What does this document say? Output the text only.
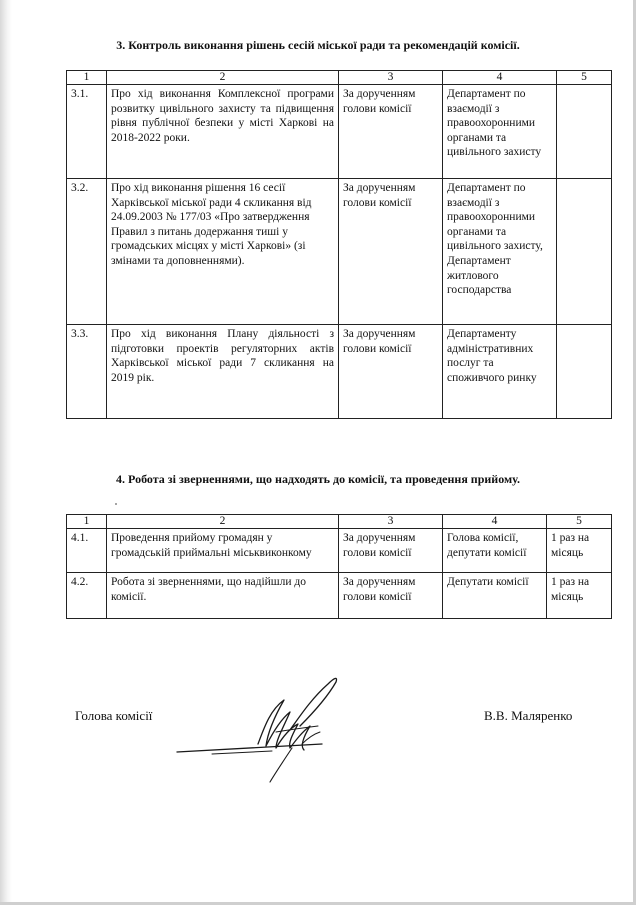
3. Контроль виконання рішень сесій міської ради та рекомендацій комісії.
1	2	3	4	5
3.1.	Про хід виконання Комплексної програми розвитку цивільного захисту та підвищення рівня публічної безпеки у місті Харкові на 2018-2022 роки.	За дорученням голови комісії	Департамент по взаємодії з правоохоронними органами та цивільного захисту	
3.2.	Про хід виконання рішення 16 сесії Харківської міської ради 4 скликання від 24.09.2003 № 177/03 «Про затвердження Правил з питань додержання тиші у громадських місцях у місті Харкові» (зі змінами та доповненнями).	За дорученням голови комісії	Департамент по взаємодії з правоохоронними органами та цивільного захисту, Департамент житлового господарства	
3.3.	Про хід виконання Плану діяльності з підготовки проектів регуляторних актів Харківської міської ради 7 скликання на 2019 рік.	За дорученням голови комісії	Департаменту адміністративних послуг та споживчого ринку	
4. Робота зі зверненнями, що надходять до комісії, та проведення прийому.
1	2	3	4	5
4.1.	Проведення прийому громадян у громадській приймальні міськвиконкому	За дорученням голови комісії	Голова комісії, депутати комісії	1 раз на місяць
4.2.	Робота зі зверненнями, що надійшли до комісії.	За дорученням голови комісії	Депутати комісії	1 раз на місяць
Голова комісії	В.В. Маляренко
